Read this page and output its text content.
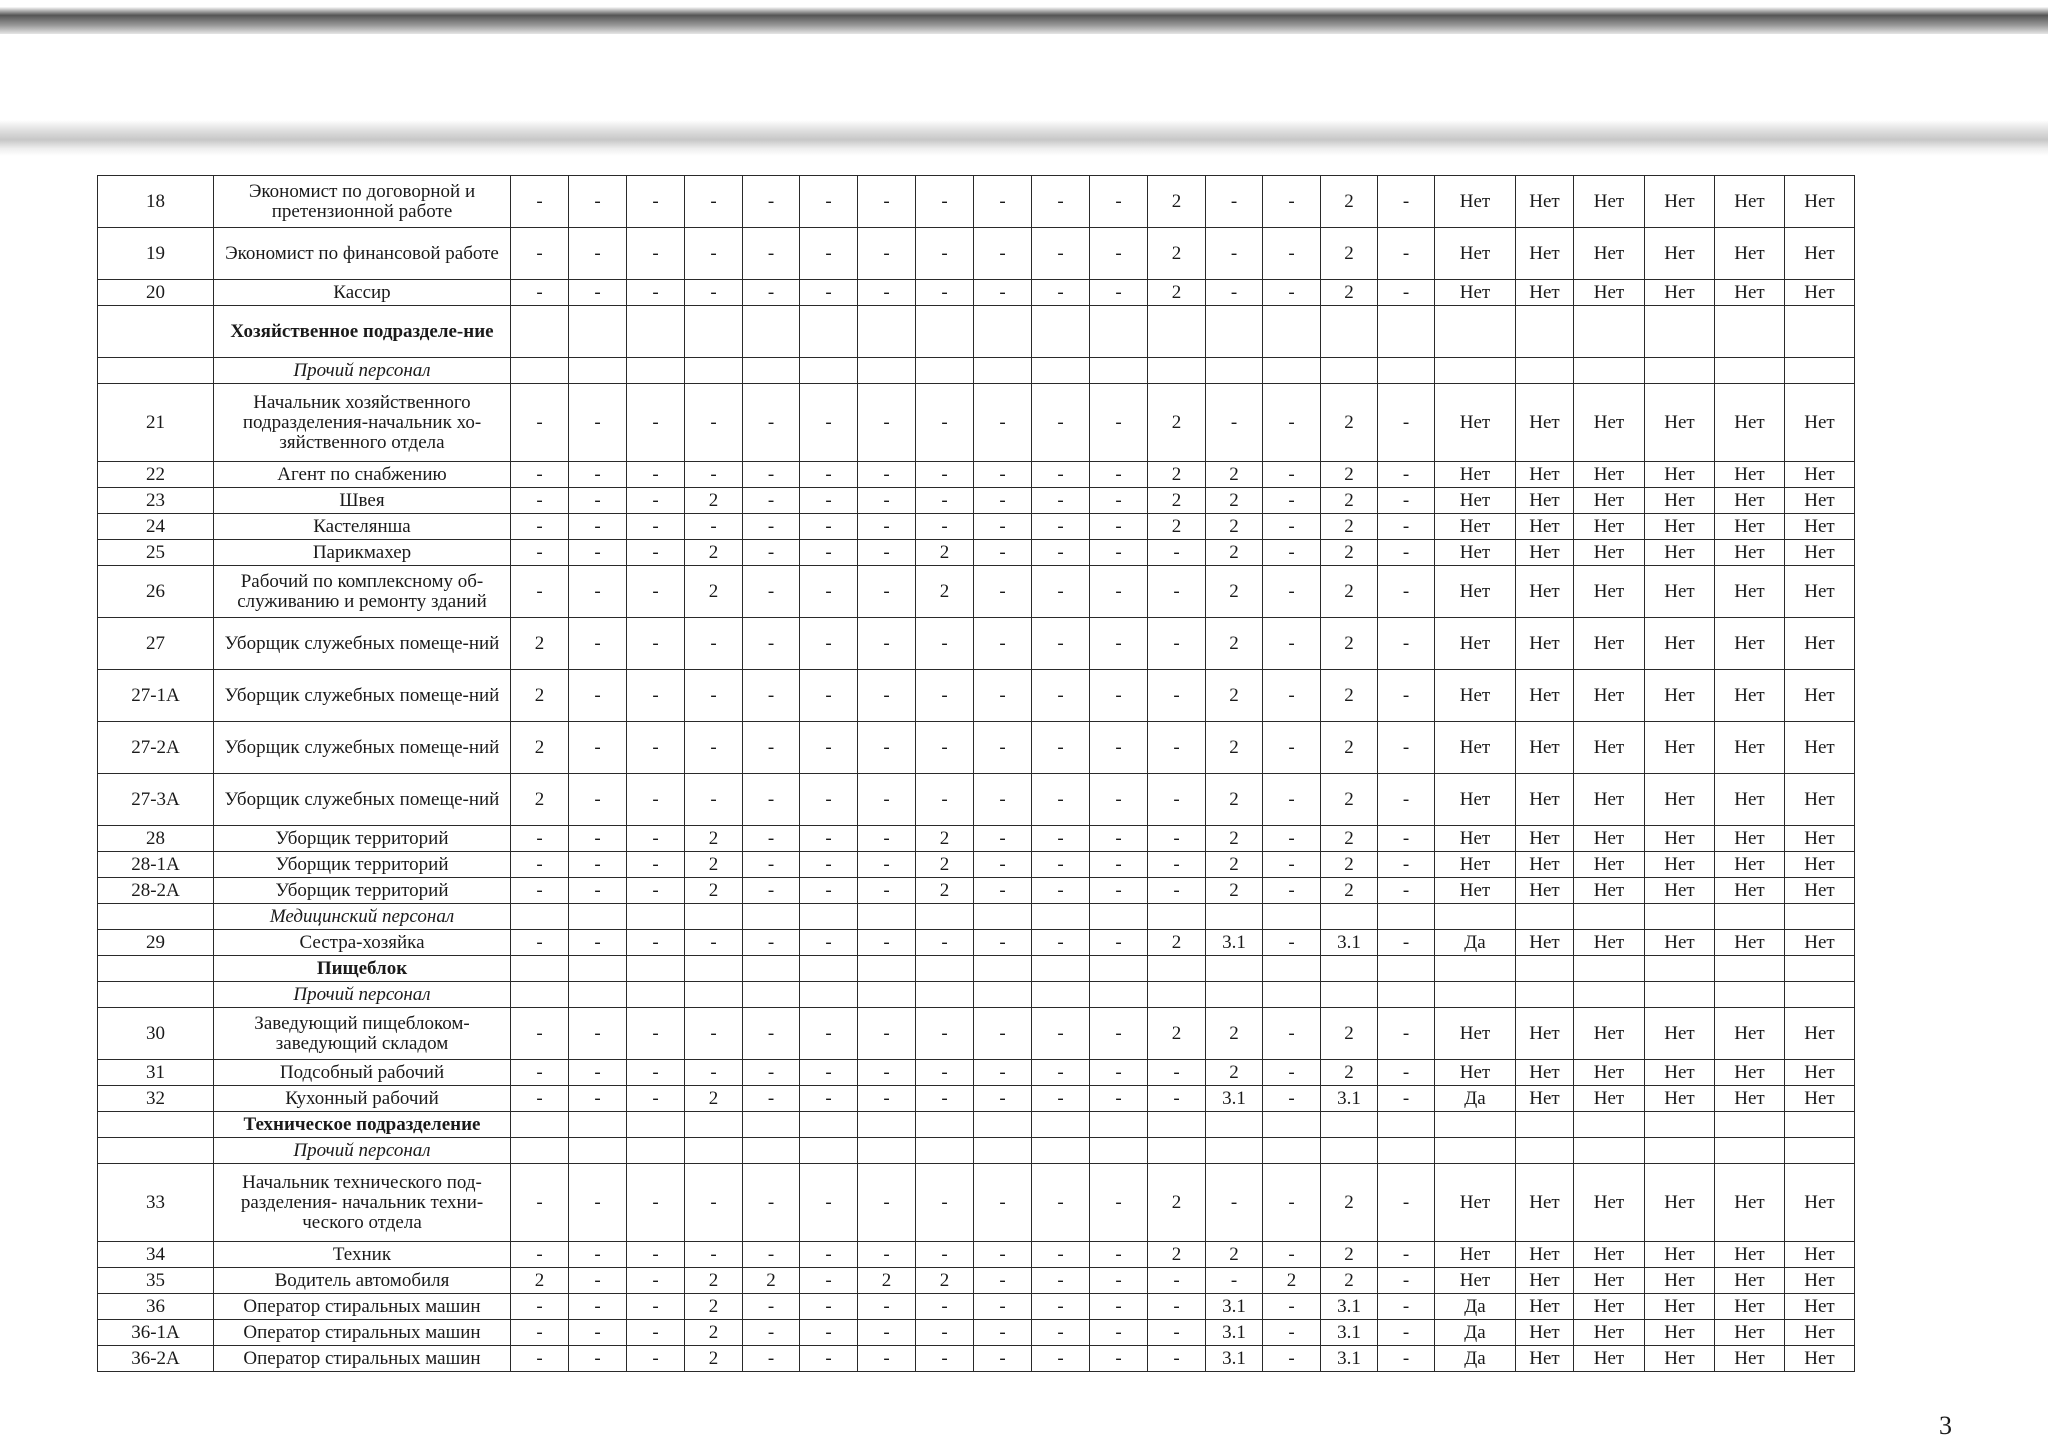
18	Экономист по договорной и претензионной работе	-	-	-	-	-	-	-	-	-	-	-	2	-	-	2	-	Нет	Нет	Нет	Нет	Нет	Нет
19	Экономист по финансовой работе	-	-	-	-	-	-	-	-	-	-	-	2	-	-	2	-	Нет	Нет	Нет	Нет	Нет	Нет
20	Кассир	-	-	-	-	-	-	-	-	-	-	-	2	-	-	2	-	Нет	Нет	Нет	Нет	Нет	Нет
	Хозяйственное подразделе-ние																						
	Прочий персонал																						
21	Начальник хозяйственного подразделения-начальник хо-зяйственного отдела	-	-	-	-	-	-	-	-	-	-	-	2	-	-	2	-	Нет	Нет	Нет	Нет	Нет	Нет
22	Агент по снабжению	-	-	-	-	-	-	-	-	-	-	-	2	2	-	2	-	Нет	Нет	Нет	Нет	Нет	Нет
23	Швея	-	-	-	2	-	-	-	-	-	-	-	2	2	-	2	-	Нет	Нет	Нет	Нет	Нет	Нет
24	Кастелянша	-	-	-	-	-	-	-	-	-	-	-	2	2	-	2	-	Нет	Нет	Нет	Нет	Нет	Нет
25	Парикмахер	-	-	-	2	-	-	-	2	-	-	-	-	2	-	2	-	Нет	Нет	Нет	Нет	Нет	Нет
26	Рабочий по комплексному об-служиванию и ремонту зданий	-	-	-	2	-	-	-	2	-	-	-	-	2	-	2	-	Нет	Нет	Нет	Нет	Нет	Нет
27	Уборщик служебных помеще-ний	2	-	-	-	-	-	-	-	-	-	-	-	2	-	2	-	Нет	Нет	Нет	Нет	Нет	Нет
27-1А	Уборщик служебных помеще-ний	2	-	-	-	-	-	-	-	-	-	-	-	2	-	2	-	Нет	Нет	Нет	Нет	Нет	Нет
27-2А	Уборщик служебных помеще-ний	2	-	-	-	-	-	-	-	-	-	-	-	2	-	2	-	Нет	Нет	Нет	Нет	Нет	Нет
27-3А	Уборщик служебных помеще-ний	2	-	-	-	-	-	-	-	-	-	-	-	2	-	2	-	Нет	Нет	Нет	Нет	Нет	Нет
28	Уборщик территорий	-	-	-	2	-	-	-	2	-	-	-	-	2	-	2	-	Нет	Нет	Нет	Нет	Нет	Нет
28-1А	Уборщик территорий	-	-	-	2	-	-	-	2	-	-	-	-	2	-	2	-	Нет	Нет	Нет	Нет	Нет	Нет
28-2А	Уборщик территорий	-	-	-	2	-	-	-	2	-	-	-	-	2	-	2	-	Нет	Нет	Нет	Нет	Нет	Нет
	Медицинский персонал																						
29	Сестра-хозяйка	-	-	-	-	-	-	-	-	-	-	-	2	3.1	-	3.1	-	Да	Нет	Нет	Нет	Нет	Нет
	Пищеблок																						
	Прочий персонал																						
30	Заведующий пищеблоком-заведующий складом	-	-	-	-	-	-	-	-	-	-	-	2	2	-	2	-	Нет	Нет	Нет	Нет	Нет	Нет
31	Подсобный рабочий	-	-	-	-	-	-	-	-	-	-	-	-	2	-	2	-	Нет	Нет	Нет	Нет	Нет	Нет
32	Кухонный рабочий	-	-	-	2	-	-	-	-	-	-	-	-	3.1	-	3.1	-	Да	Нет	Нет	Нет	Нет	Нет
	Техническое подразделение																						
	Прочий персонал																						
33	Начальник технического под-разделения- начальник техни-ческого отдела	-	-	-	-	-	-	-	-	-	-	-	2	-	-	2	-	Нет	Нет	Нет	Нет	Нет	Нет
34	Техник	-	-	-	-	-	-	-	-	-	-	-	2	2	-	2	-	Нет	Нет	Нет	Нет	Нет	Нет
35	Водитель автомобиля	2	-	-	2	2	-	2	2	-	-	-	-	-	2	2	-	Нет	Нет	Нет	Нет	Нет	Нет
36	Оператор стиральных машин	-	-	-	2	-	-	-	-	-	-	-	-	3.1	-	3.1	-	Да	Нет	Нет	Нет	Нет	Нет
36-1А	Оператор стиральных машин	-	-	-	2	-	-	-	-	-	-	-	-	3.1	-	3.1	-	Да	Нет	Нет	Нет	Нет	Нет
36-2А	Оператор стиральных машин	-	-	-	2	-	-	-	-	-	-	-	-	3.1	-	3.1	-	Да	Нет	Нет	Нет	Нет	Нет
3
